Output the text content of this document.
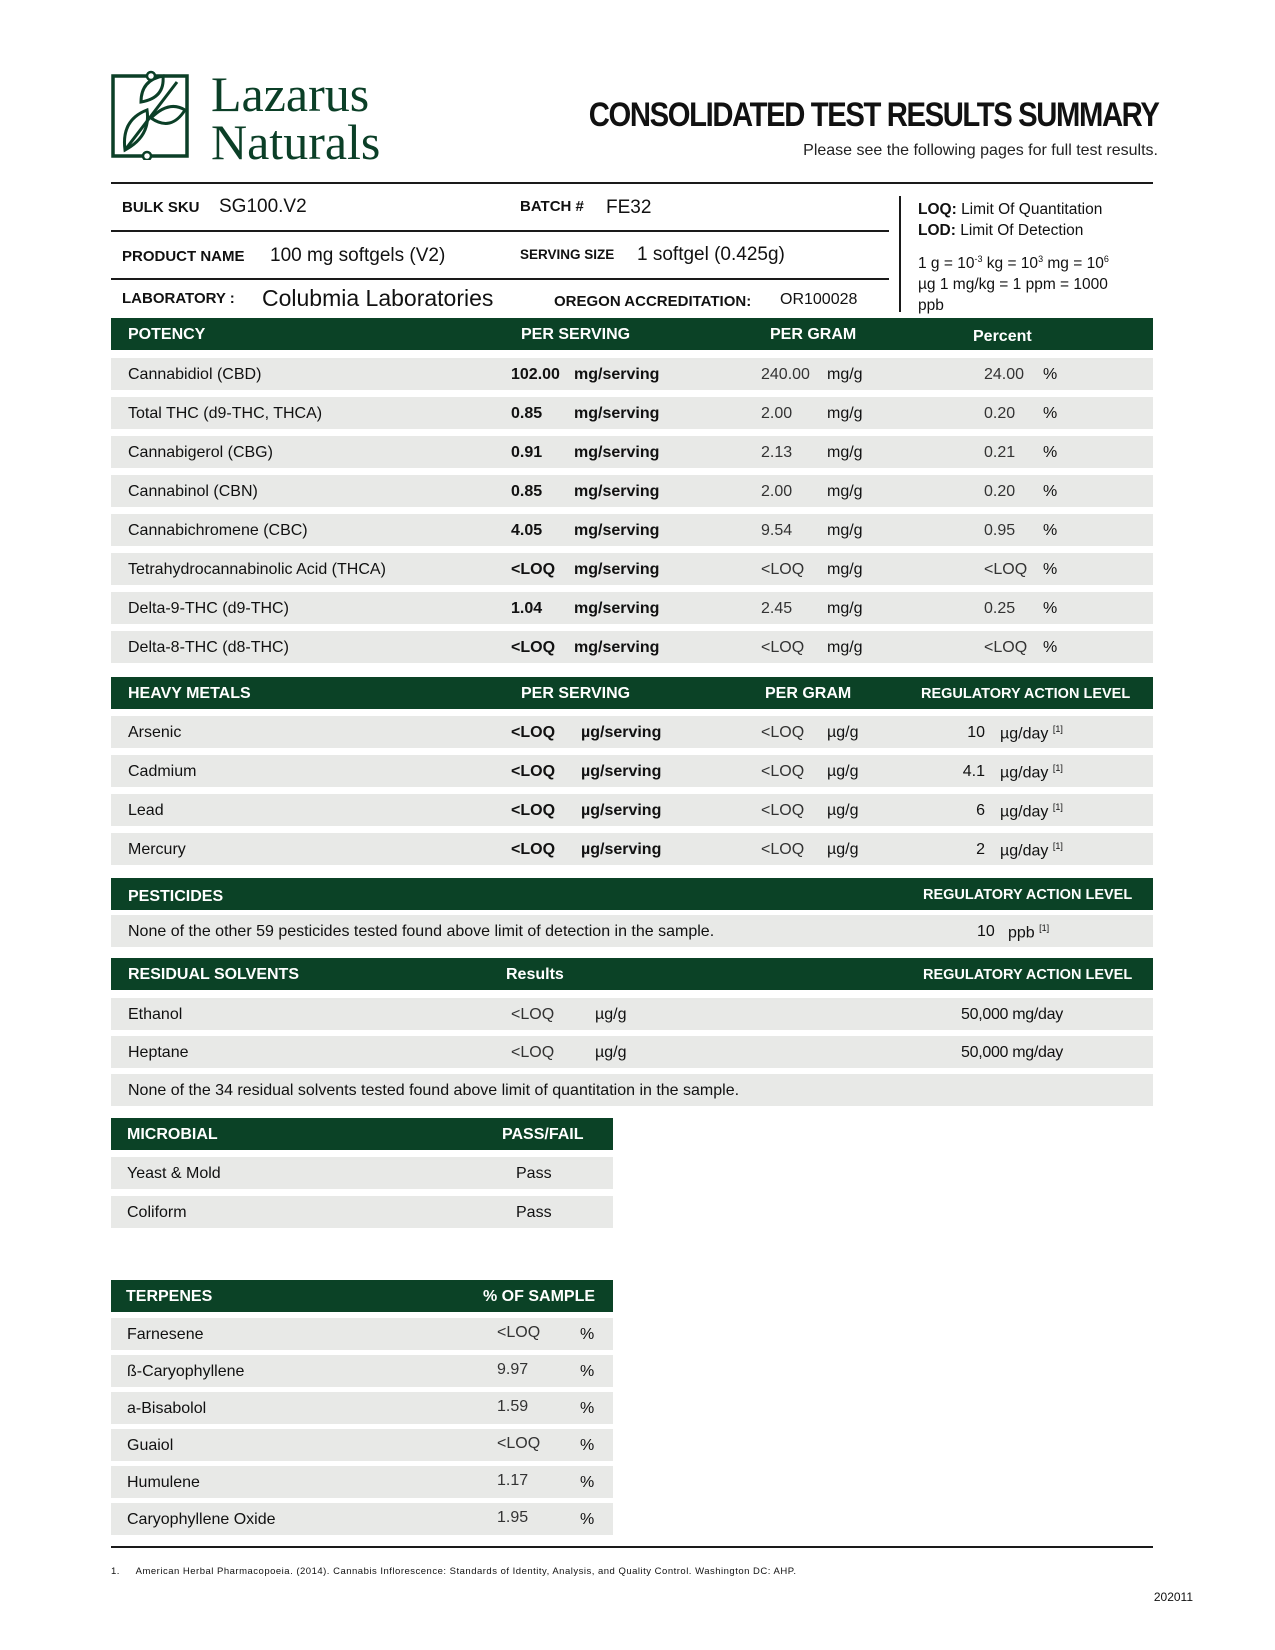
Lazarus
Naturals	CONSOLIDATED TEST RESULTS SUMMARY
Please see the following pages for full test results.
BULK SKU SG100.V2	BATCH # FE32
PRODUCT NAME 100 mg softgels (V2)	SERVING SIZE 1 softgel (0.425g)
LABORATORY : Colubmia Laboratories	OREGON ACCREDITATION: OR100028
LOQ: Limit Of Quantitation
LOD: Limit Of Detection
1 $g = 10^{-3}$ kg = $10^3$ mg = $10^6$
µg 1 mg/kg = 1 ppm = 1000
ppb
POTENCY	PER SERVING	PER GRAM	Percent
Cannabidiol (CBD)	102.00 mg/serving	240.00 mg/g	24.00 %
Total THC (d9-THC, THCA)	0.85 mg/serving	2.00 mg/g	0.20 %
Cannabigerol (CBG)	0.91 mg/serving	2.13 mg/g	0.21 %
Cannabinol (CBN)	0.85 mg/serving	2.00 mg/g	0.20 %
Cannabichromene (CBC)	4.05 mg/serving	9.54 mg/g	0.95 %
Tetrahydrocannabinolic Acid (THCA)	<LOQ mg/serving	<LOQ mg/g	<LOQ %
Delta-9-THC (d9-THC)	1.04 mg/serving	2.45 mg/g	0.25 %
Delta-8-THC (d8-THC)	<LOQ mg/serving	<LOQ mg/g	<LOQ %
HEAVY METALS	PER SERVING	PER GRAM	REGULATORY ACTION LEVEL
Arsenic	<LOQ µg/serving	<LOQ µg/g	10 µg/day [1]
Cadmium	<LOQ µg/serving	<LOQ µg/g	4.1 µg/day [1]
Lead	<LOQ µg/serving	<LOQ µg/g	6 µg/day [1]
Mercury	<LOQ µg/serving	<LOQ µg/g	2 µg/day [1]
PESTICIDES	REGULATORY ACTION LEVEL
None of the other 59 pesticides tested found above limit of detection in the sample.	10 ppb [1]
RESIDUAL SOLVENTS	Results	REGULATORY ACTION LEVEL
Ethanol	<LOQ	µg/g	50,000 mg/day
Heptane	<LOQ	µg/g	50,000 mg/day
None of the 34 residual solvents tested found above limit of quantitation in the sample.
MICROBIAL	PASS/FAIL
Yeast & Mold	Pass
Coliform	Pass
TERPENES	% OF SAMPLE
Farnesene	<LOQ %
ß-Caryophyllene	9.97	%
a-Bisabolol	1.59	%
Guaiol	<LOQ %
Humulene	1.17	%
Caryophyllene Oxide	1.95	%
1. American Herbal Pharmacopoeia. (2014). Cannabis Inflorescence: Standards of Identity, Analysis, and Quality Control. Washington DC: AHP.
202011
